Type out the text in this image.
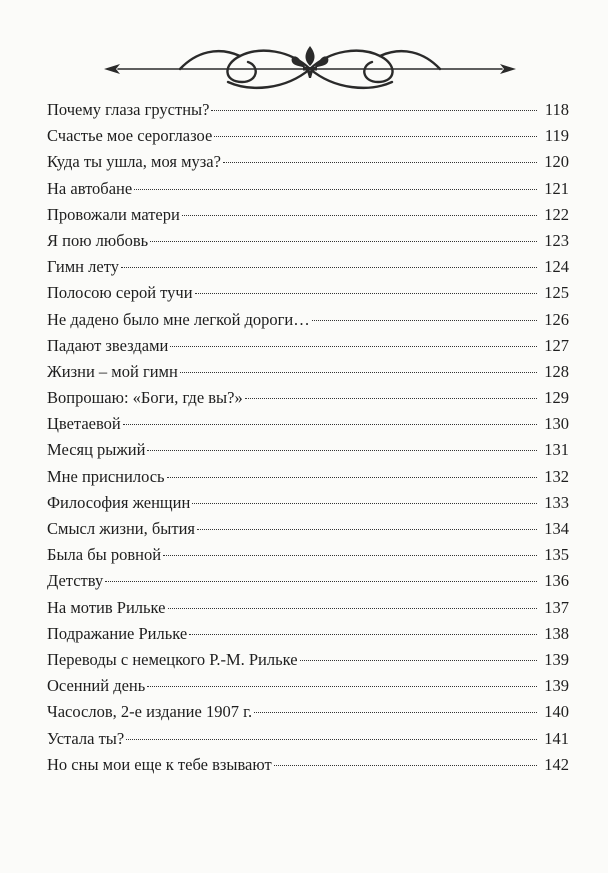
Почему глаза грустны?	118
Счастье мое сероглазое	119
Куда ты ушла, моя муза?	120
На автобане	121
Провожали матери	122
Я пою любовь	123
Гимн лету	124
Полосою серой тучи	125
Не дадено было мне легкой дороги…	126
Падают звездами	127
Жизни – мой гимн	128
Вопрошаю: «Боги, где вы?»	129
Цветаевой	130
Месяц рыжий	131
Мне приснилось	132
Философия женщин	133
Смысл жизни, бытия	134
Была бы ровной	135
Детству	136
На мотив Рильке	137
Подражание Рильке	138
Переводы с немецкого Р.-М. Рильке	139
Осенний день	139
Часослов, 2-е издание 1907 г.	140
Устала ты?	141
Но сны мои еще к тебе взывают	142
